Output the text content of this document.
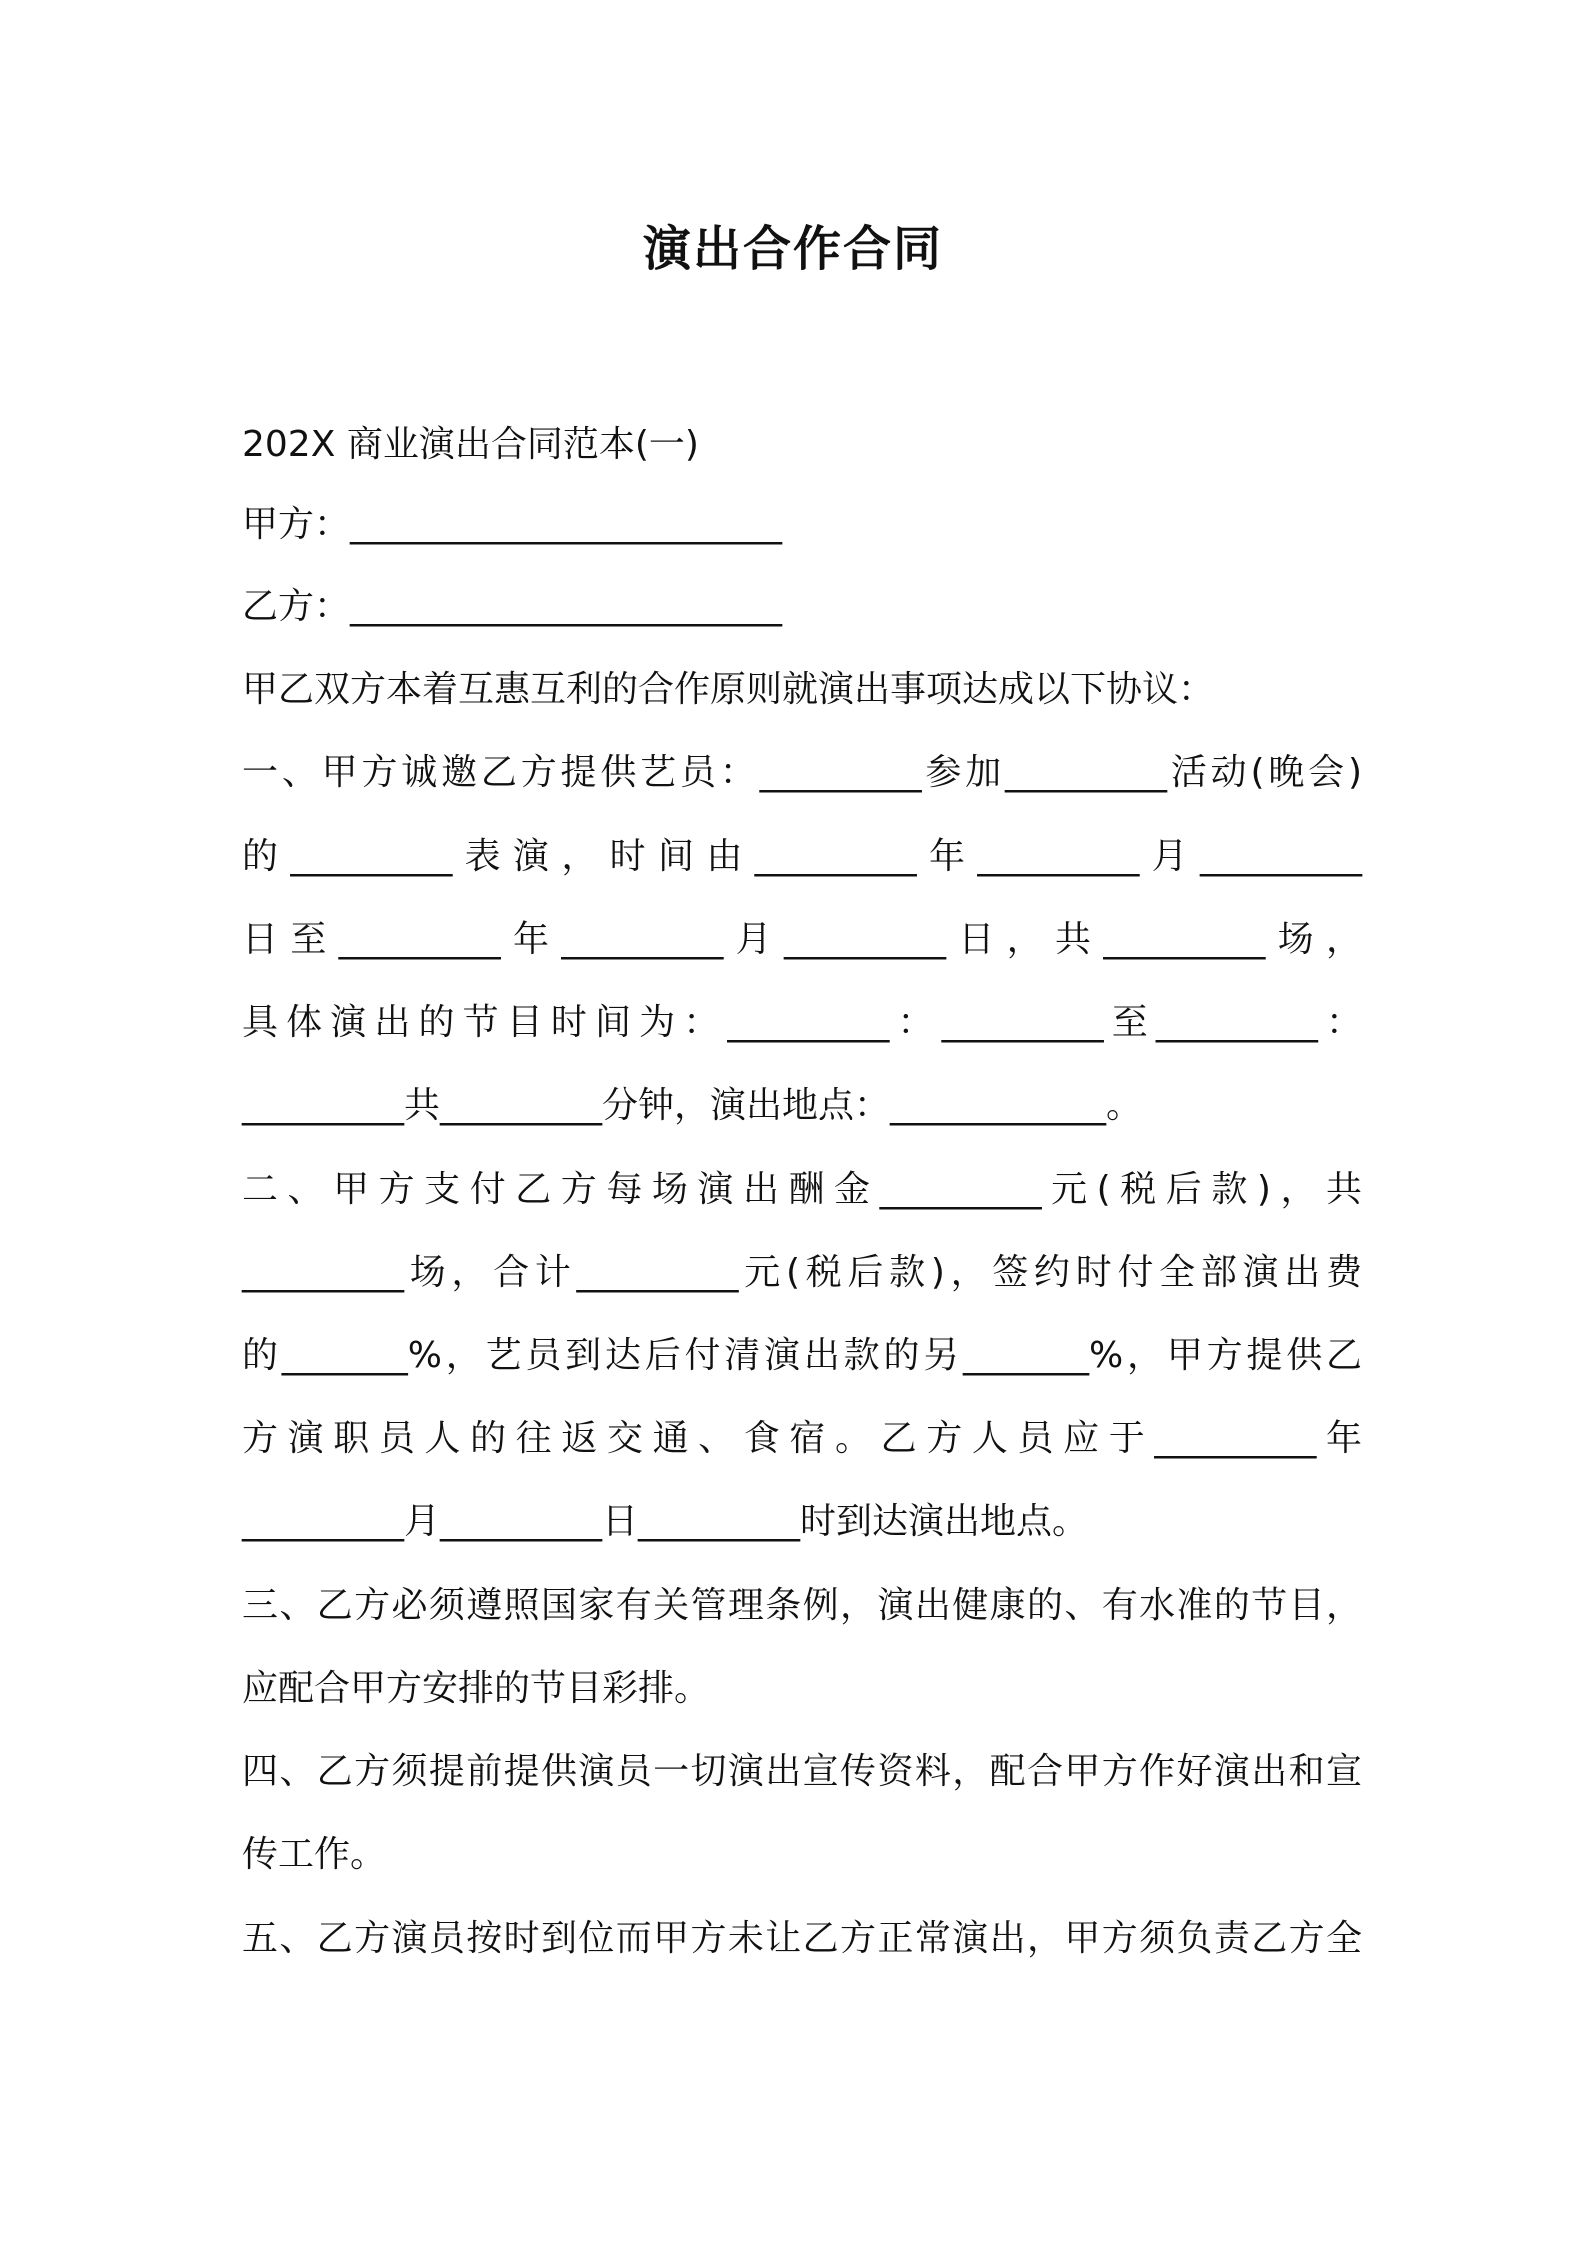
演出合作合同
202X 商业演出合同范本(一)
甲方：________________________
乙方：________________________
甲乙双方本着互惠互利的合作原则就演出事项达成以下协议：
一、甲方诚邀乙方提供艺员：_________参加_________活动(晚会)
的_________表演，时间由_________年_________月_________
日至_________年_________月_________日，共_________场，
具体演出的节目时间为：_________：_________至_________：
_________共_________分钟，演出地点：____________。
二、甲方支付乙方每场演出酬金_________元(税后款)，共
_________场，合计_________元(税后款)，签约时付全部演出费
的_______%，艺员到达后付清演出款的另_______%，甲方提供乙
方演职员人的往返交通、食宿。乙方人员应于_________年
_________月_________日_________时到达演出地点。
三、乙方必须遵照国家有关管理条例，演出健康的、有水准的节目，
应配合甲方安排的节目彩排。
四、乙方须提前提供演员一切演出宣传资料，配合甲方作好演出和宣
传工作。
五、乙方演员按时到位而甲方未让乙方正常演出，甲方须负责乙方全
